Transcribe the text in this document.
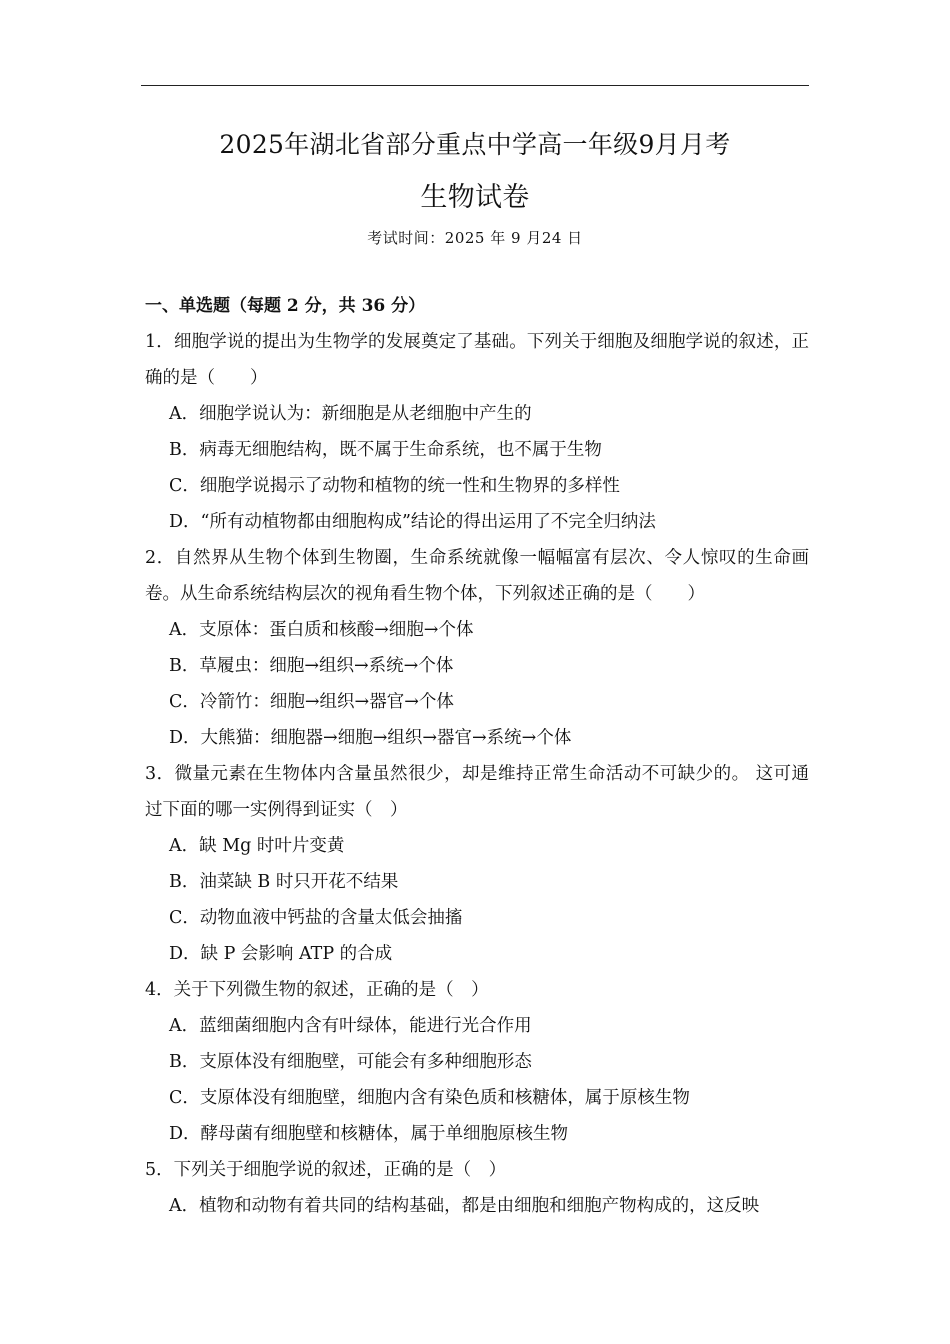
2025年湖北省部分重点中学高一年级9月月考
生物试卷
考试时间：2025 年 9 月24 日
一、单选题（每题 2 分，共 36 分）
1．细胞学说的提出为生物学的发展奠定了基础。下列关于细胞及细胞学说的叙述，正确的是（　　）
A．细胞学说认为：新细胞是从老细胞中产生的
B．病毒无细胞结构，既不属于生命系统，也不属于生物
C．细胞学说揭示了动物和植物的统一性和生物界的多样性
D．“所有动植物都由细胞构成”结论的得出运用了不完全归纳法
2．自然界从生物个体到生物圈，生命系统就像一幅幅富有层次、令人惊叹的生命画卷。从生命系统结构层次的视角看生物个体，下列叙述正确的是（　　）
A．支原体：蛋白质和核酸→细胞→个体
B．草履虫：细胞→组织→系统→个体
C．冷箭竹：细胞→组织→器官→个体
D．大熊猫：细胞器→细胞→组织→器官→系统→个体
3．微量元素在生物体内含量虽然很少，却是维持正常生命活动不可缺少的。 这可通过下面的哪一实例得到证实（　）
A．缺 Mg 时叶片变黄
B．油菜缺 B 时只开花不结果
C．动物血液中钙盐的含量太低会抽搐
D．缺 P 会影响 ATP 的合成
4．关于下列微生物的叙述，正确的是（　）
A．蓝细菌细胞内含有叶绿体，能进行光合作用
B．支原体没有细胞壁，可能会有多种细胞形态
C．支原体没有细胞壁，细胞内含有染色质和核糖体，属于原核生物
D．酵母菌有细胞壁和核糖体，属于单细胞原核生物
5．下列关于细胞学说的叙述，正确的是（　）
A．植物和动物有着共同的结构基础，都是由细胞和细胞产物构成的，这反映
